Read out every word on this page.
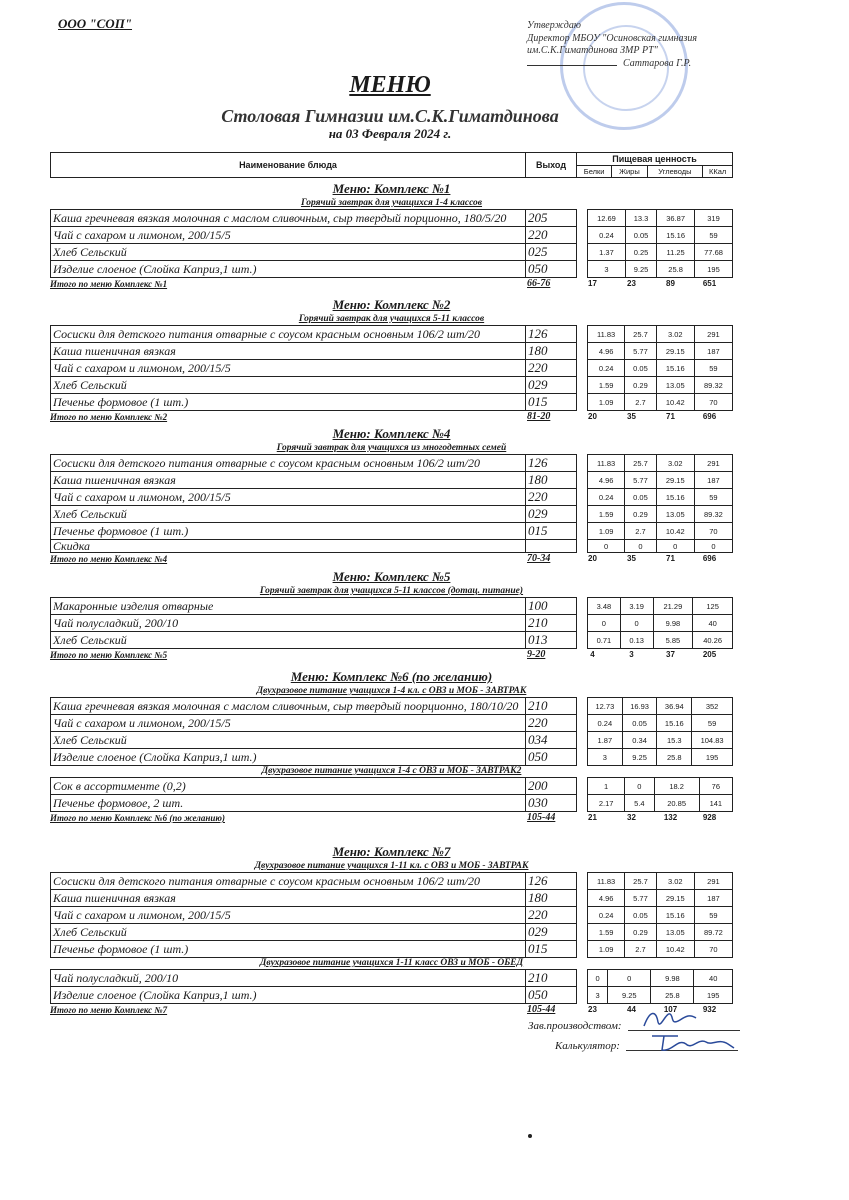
ООО "СОП"	Утверждаю
Директор МБОУ "Осиновская гимназия
им.С.К.Гиматдинова ЗМР РТ"
Саттарова Г.Р.
МЕНЮ
Столовая Гимназии им.С.К.Гиматдинова
на 03 Февраля 2024 г.
Наименование блюда	Выход	Пищевая ценность			
		Белки	Жиры	Углеводы	ККал
Меню: Комплекс №1
Горячий завтрак для учащихся 1-4 классов
Каша гречневая вязкая молочная с маслом сливочным, сыр твердый порционно, 180/5/20	205		12.69	13.3	36.87	319
Чай с сахаром и лимоном, 200/15/5	220		0.24	0.05	15.16	59
Хлеб Сельский	025		1.37	0.25	11.25	77.68
Изделие слоеное (Слойка Каприз,1 шт.)	050		3	9.25	25.8	195
Итого по меню Комплекс №1	66-76	17	23	89	651
Меню: Комплекс №2
Горячий завтрак для учащихся 5-11 классов
Сосиски для детского питания отварные с соусом красным основным 106/2 шт/20	126		11.83	25.7	3.02	291
Каша пшеничная вязкая	180		4.96	5.77	29.15	187
Чай с сахаром и лимоном, 200/15/5	220		0.24	0.05	15.16	59
Хлеб Сельский	029		1.59	0.29	13.05	89.32
Печенье формовое (1 шт.)	015		1.09	2.7	10.42	70
Итого по меню Комплекс №2	81-20	20	35	71	696
Меню: Комплекс №4
Горячий завтрак для учащихся из многодетных семей
Сосиски для детского питания отварные с соусом красным основным 106/2 шт/20	126		11.83	25.7	3.02	291
Каша пшеничная вязкая	180		4.96	5.77	29.15	187
Чай с сахаром и лимоном, 200/15/5	220		0.24	0.05	15.16	59
Хлеб Сельский	029		1.59	0.29	13.05	89.32
Печенье формовое (1 шт.)	015		1.09	2.7	10.42	70
Скидка			0	0	0	0
Итого по меню Комплекс №4	70-34	20	35	71	696
Меню: Комплекс №5
Горячий завтрак для учащихся 5-11 классов (дотац. питание)
Макаронные изделия отварные	100		3.48	3.19	21.29	125
Чай полусладкий, 200/10	210		0	0	9.98	40
Хлеб Сельский	013		0.71	0.13	5.85	40.26
Итого по меню Комплекс №5	9-20	4	3	37	205
Меню: Комплекс №6 (по желанию)
Двухразовое питание учащихся 1-4 кл. с ОВЗ и МОБ - ЗАВТРАК
Каша гречневая вязкая молочная с маслом сливочным, сыр твердый поорционно, 180/10/20	210		12.73	16.93	36.94	352
Чай с сахаром и лимоном, 200/15/5	220		0.24	0.05	15.16	59
Хлеб Сельский	034		1.87	0.34	15.3	104.83
Изделие слоеное (Слойка Каприз,1 шт.)	050		3	9.25	25.8	195
Двухразовое питание учащихся 1-4 с ОВЗ и МОБ - ЗАВТРАК2
Сок в ассортименте (0,2)	200		1	0	18.2	76
Печенье формовое, 2 шт.	030		2.17	5.4	20.85	141
Итого по меню Комплекс №6 (по желанию)	105-44	21	32	132	928
Меню: Комплекс №7
Двухразовое питание учащихся 1-11 кл. с ОВЗ и МОБ - ЗАВТРАК
Сосиски для детского питания отварные с соусом красным основным 106/2 шт/20	126		11.83	25.7	3.02	291
Каша пшеничная вязкая	180		4.96	5.77	29.15	187
Чай с сахаром и лимоном, 200/15/5	220		0.24	0.05	15.16	59
Хлеб Сельский	029		1.59	0.29	13.05	89.72
Печенье формовое (1 шт.)	015		1.09	2.7	10.42	70
Двухразовое питание учащихся 1-11 класс ОВЗ и МОБ - ОБЕД
Чай полусладкий, 200/10	210		0	0	9.98	40
Изделие слоеное (Слойка Каприз,1 шт.)	050		3	9.25	25.8	195
Итого по меню Комплекс №7	105-44	23	44	107	932
Зав.производством:
Калькулятор:
